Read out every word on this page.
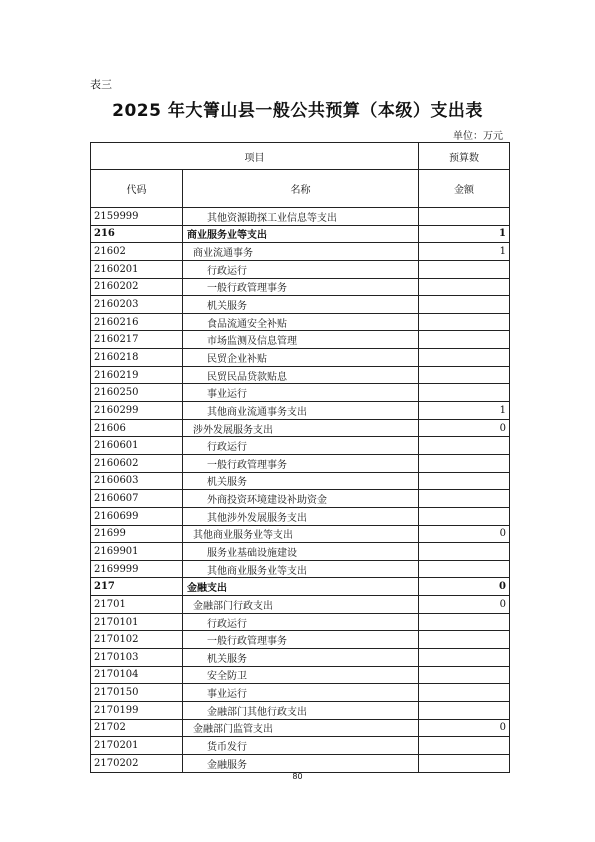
表三
2025 年大箐山县一般公共预算（本级）支出表
单位：万元
项目		预算数
代码	名称	金额
2159999	其他资源勘探工业信息等支出	
216	商业服务业等支出	1
21602	商业流通事务	1
2160201	行政运行	
2160202	一般行政管理事务	
2160203	机关服务	
2160216	食品流通安全补贴	
2160217	市场监测及信息管理	
2160218	民贸企业补贴	
2160219	民贸民品贷款贴息	
2160250	事业运行	
2160299	其他商业流通事务支出	1
21606	涉外发展服务支出	0
2160601	行政运行	
2160602	一般行政管理事务	
2160603	机关服务	
2160607	外商投资环境建设补助资金	
2160699	其他涉外发展服务支出	
21699	其他商业服务业等支出	0
2169901	服务业基础设施建设	
2169999	其他商业服务业等支出	
217	金融支出	0
21701	金融部门行政支出	0
2170101	行政运行	
2170102	一般行政管理事务	
2170103	机关服务	
2170104	安全防卫	
2170150	事业运行	
2170199	金融部门其他行政支出	
21702	金融部门监管支出	0
2170201	货币发行	
2170202	金融服务	
80
